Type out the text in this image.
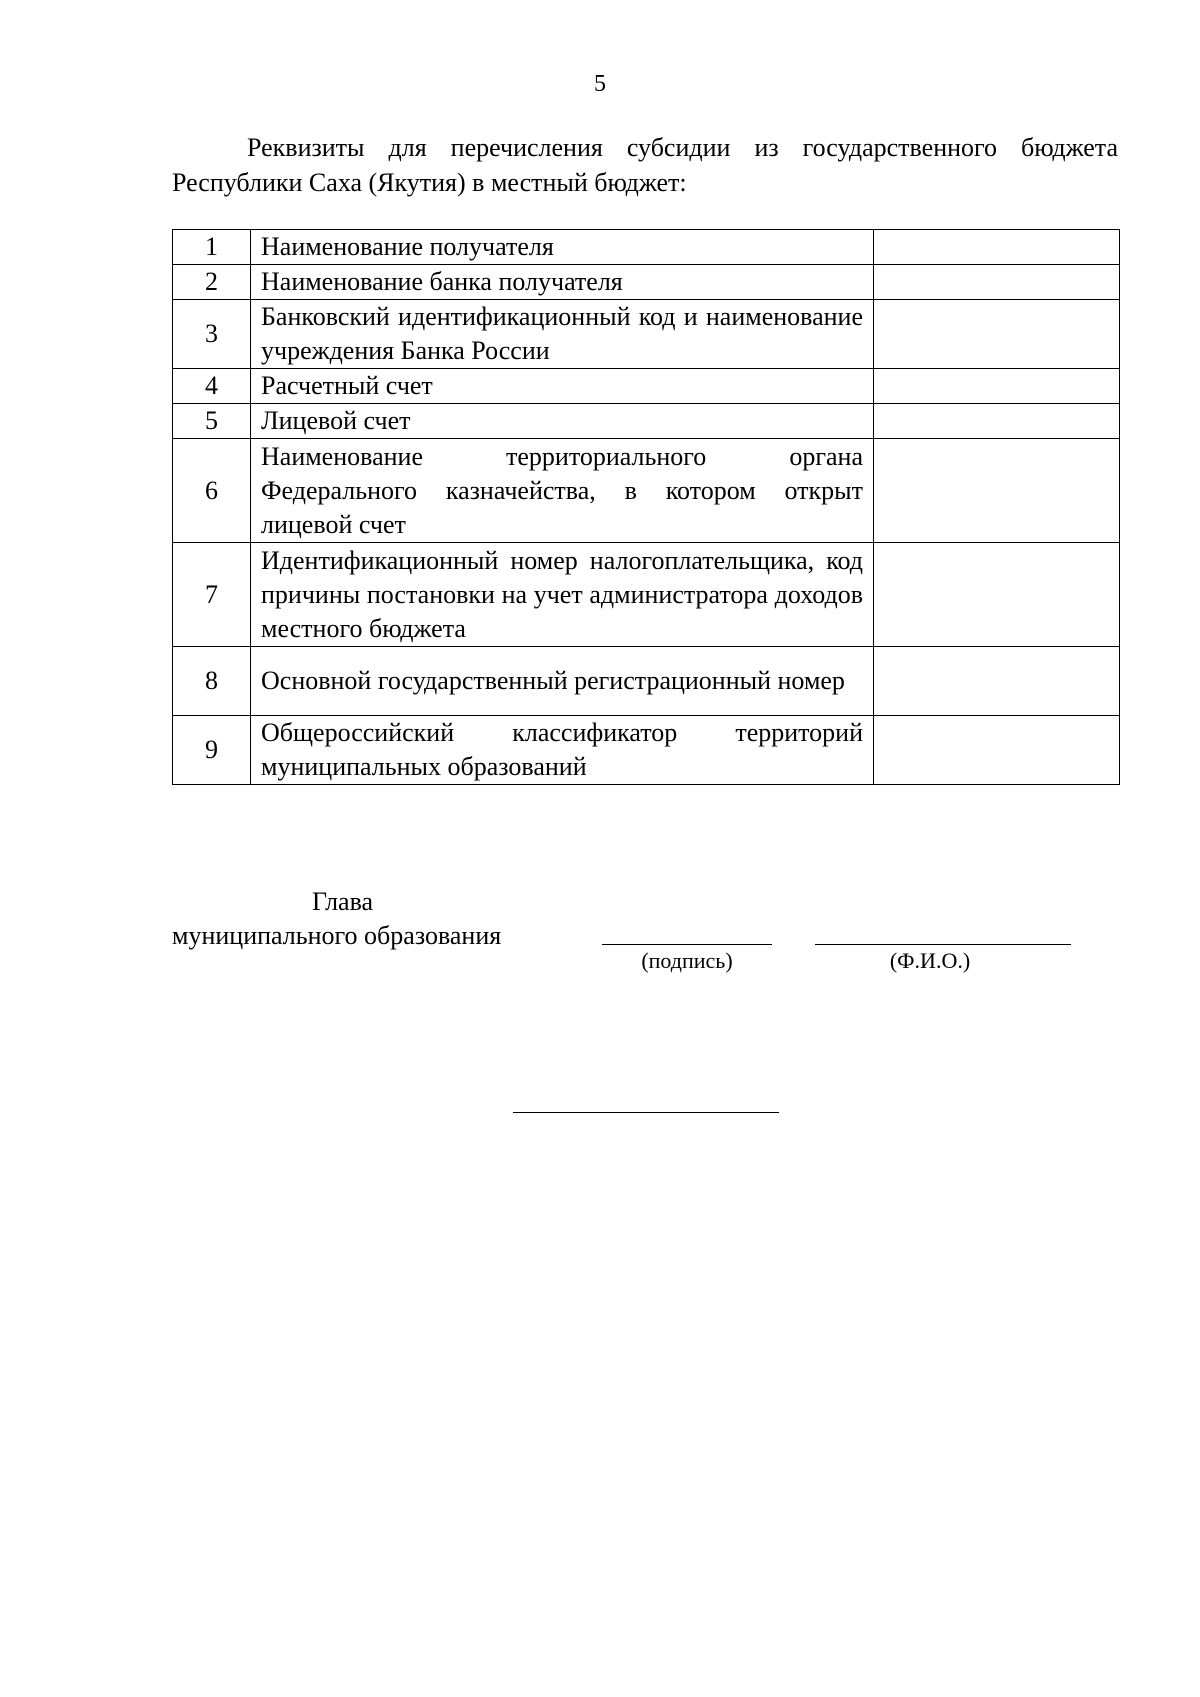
5

Реквизиты для перечисления субсидии из государственного бюджета Республики Саха (Якутия) в местный бюджет:

1	Наименование получателя	
2	Наименование банка получателя	
3	Банковский идентификационный код и наименование учреждения Банка России	
4	Расчетный счет	
5	Лицевой счет	
6	Наименование территориального органа Федерального казначейства, в котором открыт лицевой счет	
7	Идентификационный номер налогоплательщика, код причины постановки на учет администратора доходов местного бюджета	
8	Основной государственный регистрационный номер	
9	Общероссийский классификатор территорий муниципальных образований	
Глава
муниципального образования
(подпись)	(Ф.И.О.)
